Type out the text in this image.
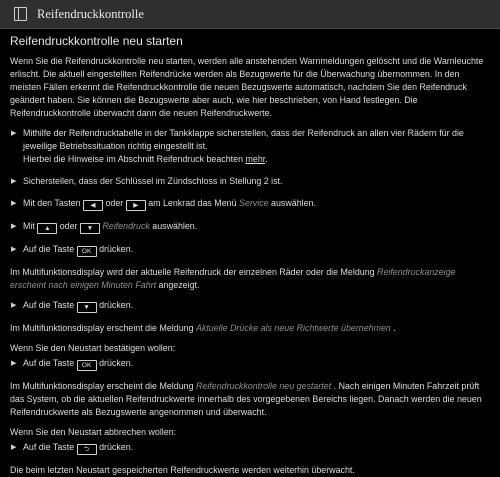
Reifendruckkontrolle
Reifendruckkontrolle neu starten
Wenn Sie die Reifendruckkontrolle neu starten, werden alle anstehenden Warnmeldungen gelöscht und die Warnleuchte erlischt. Die aktuell eingestellten Reifendrücke werden als Bezugswerte für die Überwachung übernommen. In den meisten Fällen erkennt die Reifendruckkontrolle die neuen Bezugswerte automatisch, nachdem Sie den Reifendruck geändert haben. Sie können die Bezugswerte aber auch, wie hier beschrieben, von Hand festlegen. Die Reifendruckkontrolle überwacht dann die neuen Reifendruckwerte.
▶ Mithilfe der Reifendrucktabelle in der Tankklappe sicherstellen, dass der Reifendruck an allen vier Rädern für die jeweilige Betriebssituation richtig eingestellt ist.
Hierbei die Hinweise im Abschnitt Reifendruck beachten mehr.
▶ Sicherstellen, dass der Schlüssel im Zündschloss in Stellung 2 ist.
▶ Mit den Tasten ◀ oder ▶ am Lenkrad das Menü Service auswählen.
▶ Mit ▲ oder ▼ Reifendruck auswählen.
▶ Auf die Taste OK drücken.
Im Multifunktionsdisplay wird der aktuelle Reifendruck der einzelnen Räder oder die Meldung Reifendruckanzeige erscheint nach einigen Minuten Fahrt angezeigt.
▶ Auf die Taste ▼ drücken.
Im Multifunktionsdisplay erscheint die Meldung Aktuelle Drücke als neue Richtwerte übernehmen .
Wenn Sie den Neustart bestätigen wollen:
▶ Auf die Taste OK drücken.
Im Multifunktionsdisplay erscheint die Meldung Reifendruckkontrolle neu gestartet . Nach einigen Minuten Fahrzeit prüft das System, ob die aktuellen Reifendruckwerte innerhalb des vorgegebenen Bereichs liegen. Danach werden die neuen Reifendruckwerte als Bezugswerte angenommen und überwacht.
Wenn Sie den Neustart abbrechen wollen:
▶ Auf die Taste ⮌ drücken.
Die beim letzten Neustart gespeicherten Reifendruckwerte werden weiterhin überwacht.
